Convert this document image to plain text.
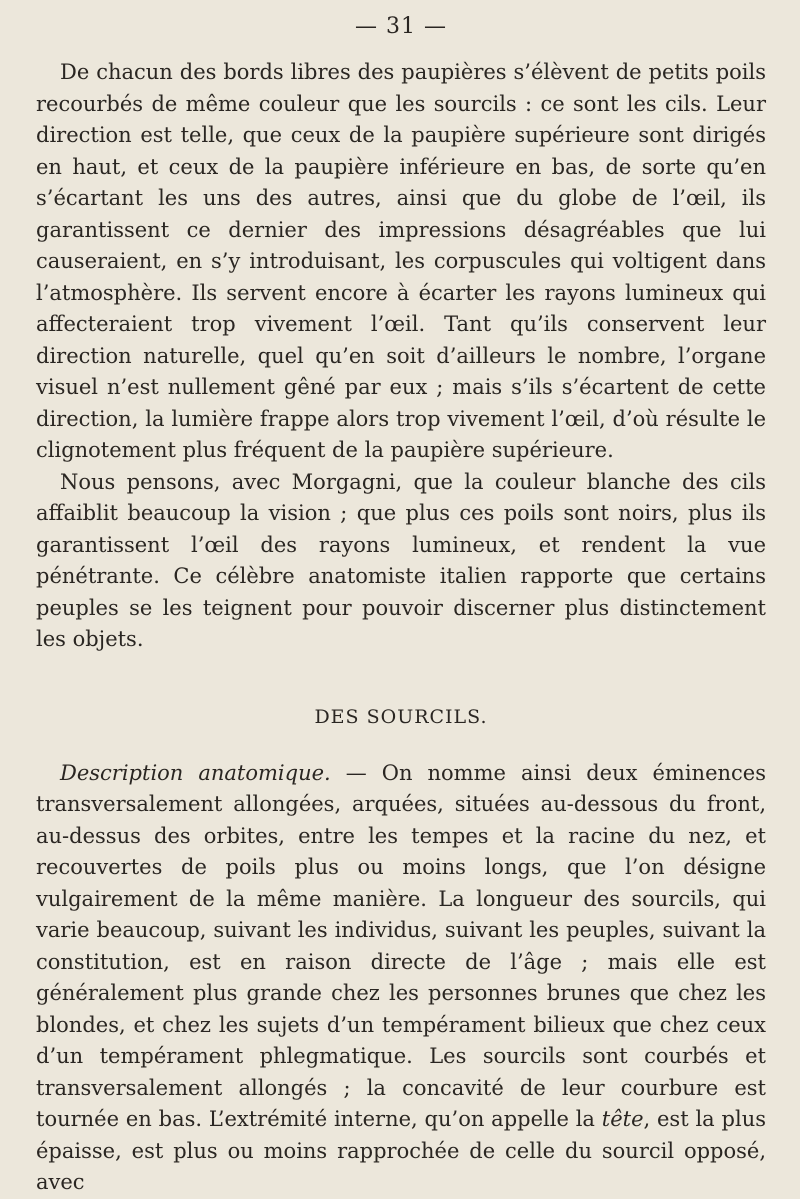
— 31 —

De chacun des bords libres des paupières s’élèvent de petits poils recourbés de même couleur que les sourcils : ce sont les cils. Leur direction est telle, que ceux de la paupière supérieure sont dirigés en haut, et ceux de la paupière inférieure en bas, de sorte qu’en s’écartant les uns des autres, ainsi que du globe de l’œil, ils garantissent ce dernier des impressions désagréables que lui causeraient, en s’y introduisant, les corpuscules qui voltigent dans l’atmosphère. Ils servent encore à écarter les rayons lumineux qui affecteraient trop vivement l’œil. Tant qu’ils conservent leur direction naturelle, quel qu’en soit d’ailleurs le nombre, l’organe visuel n’est nullement gêné par eux ; mais s’ils s’écartent de cette direction, la lumière frappe alors trop vivement l’œil, d’où résulte le clignotement plus fréquent de la paupière supérieure.

Nous pensons, avec Morgagni, que la couleur blanche des cils affaiblit beaucoup la vision ; que plus ces poils sont noirs, plus ils garantissent l’œil des rayons lumineux, et rendent la vue pénétrante. Ce célèbre anatomiste italien rapporte que certains peuples se les teignent pour pouvoir discerner plus distinctement les objets.

DES SOURCILS.

Description anatomique. — On nomme ainsi deux éminences transversalement allongées, arquées, situées au-dessous du front, au-dessus des orbites, entre les tempes et la racine du nez, et recouvertes de poils plus ou moins longs, que l’on désigne vulgairement de la même manière. La longueur des sourcils, qui varie beaucoup, suivant les individus, suivant les peuples, suivant la constitution, est en raison directe de l’âge ; mais elle est généralement plus grande chez les personnes brunes que chez les blondes, et chez les sujets d’un tempérament bilieux que chez ceux d’un tempérament phlegmatique. Les sourcils sont courbés et transversalement allongés ; la concavité de leur courbure est tournée en bas. L’extrémité interne, qu’on appelle la tête, est la plus épaisse, est plus ou moins rapprochée de celle du sourcil opposé, avec
